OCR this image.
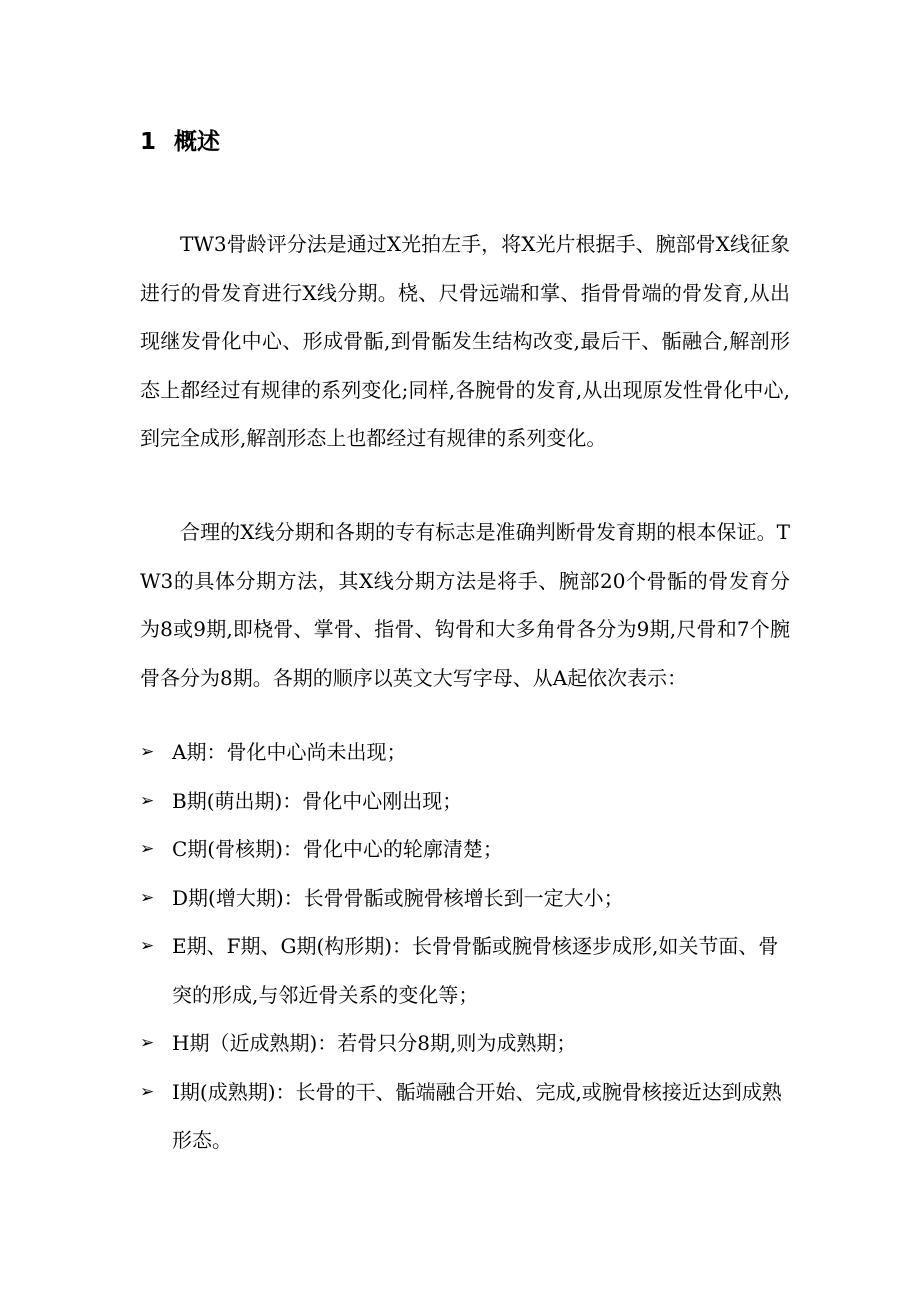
1 概述

TW3骨龄评分法是通过X光拍左手，将X光片根据手、腕部骨X线征象进行的骨发育进行X线分期。桡、尺骨远端和掌、指骨骨端的骨发育,从出现继发骨化中心、形成骨骺,到骨骺发生结构改变,最后干、骺融合,解剖形态上都经过有规律的系列变化;同样,各腕骨的发育,从出现原发性骨化中心,到完全成形,解剖形态上也都经过有规律的系列变化。

合理的X线分期和各期的专有标志是准确判断骨发育期的根本保证。TW3的具体分期方法，其X线分期方法是将手、腕部20个骨骺的骨发育分为8或9期,即桡骨、掌骨、指骨、钩骨和大多角骨各分为9期,尺骨和7个腕骨各分为8期。各期的顺序以英文大写字母、从A起依次表示：

➢ A期：骨化中心尚未出现；
➢ B期(萌出期)：骨化中心刚出现；
➢ C期(骨核期)：骨化中心的轮廓清楚；
➢ D期(增大期)：长骨骨骺或腕骨核增长到一定大小；
➢ E期、F期、G期(构形期)：长骨骨骺或腕骨核逐步成形,如关节面、骨突的形成,与邻近骨关系的变化等；
➢ H期（近成熟期)：若骨只分8期,则为成熟期；
➢ I期(成熟期)：长骨的干、骺端融合开始、完成,或腕骨核接近达到成熟形态。
